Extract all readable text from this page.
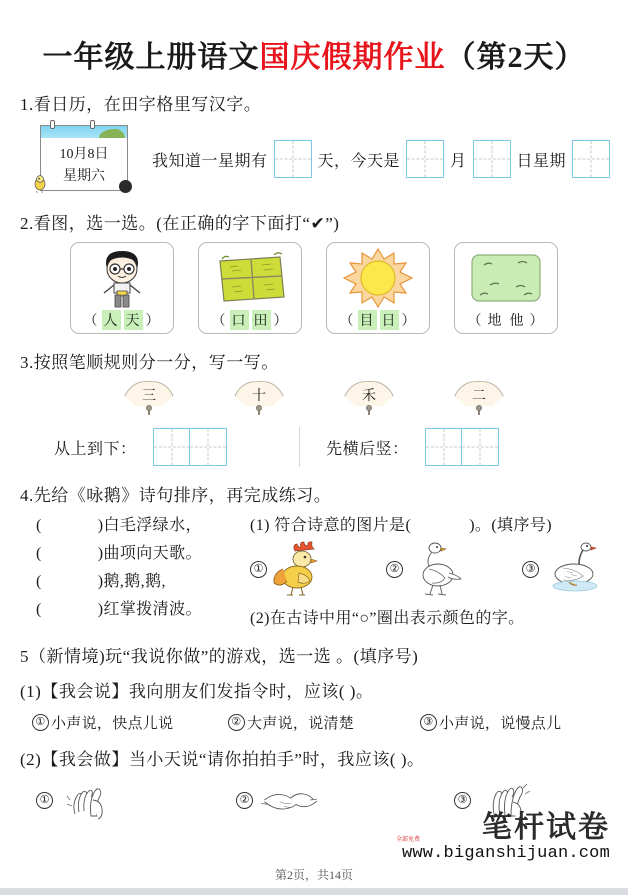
一年级上册语文国庆假期作业（第2天）
1.看日历，在田字格里写汉字。
10月8日
星期六
我知道一星期有	天，今天是	月	日星期
2.看图，选一选。(在正确的字下面打“✔”)
（ 人 天 ）	（ 口 田 ）	（ 目 日 ）	（ 地 他 ）
3.按照笔顺规则分一分，写一写。
三	十	禾	二
从上到下：	先横后竖：
4.先给《咏鹅》诗句排序，再完成练习。
(	)白毛浮绿水，
(	)曲项向天歌。
(	)鹅,鹅,鹅,
(	)红掌拨清波。
(1) 符合诗意的图片是(	)。(填序号)
①	②	③
(2)在古诗中用“○”圈出表示颜色的字。
5（新情境)玩“我说你做”的游戏，选一选 。(填序号)
(1)【我会说】我向朋友们发指令时，应该( )。
① 小声说，快点儿说	② 大声说，说清楚	③ 小声说，说慢点儿
(2)【我会做】当小天说“请你拍拍手”时，我应该( )。
①	②	③
笔杆试卷
www.biganshijuan.com
全部免费
第2页，共14页
